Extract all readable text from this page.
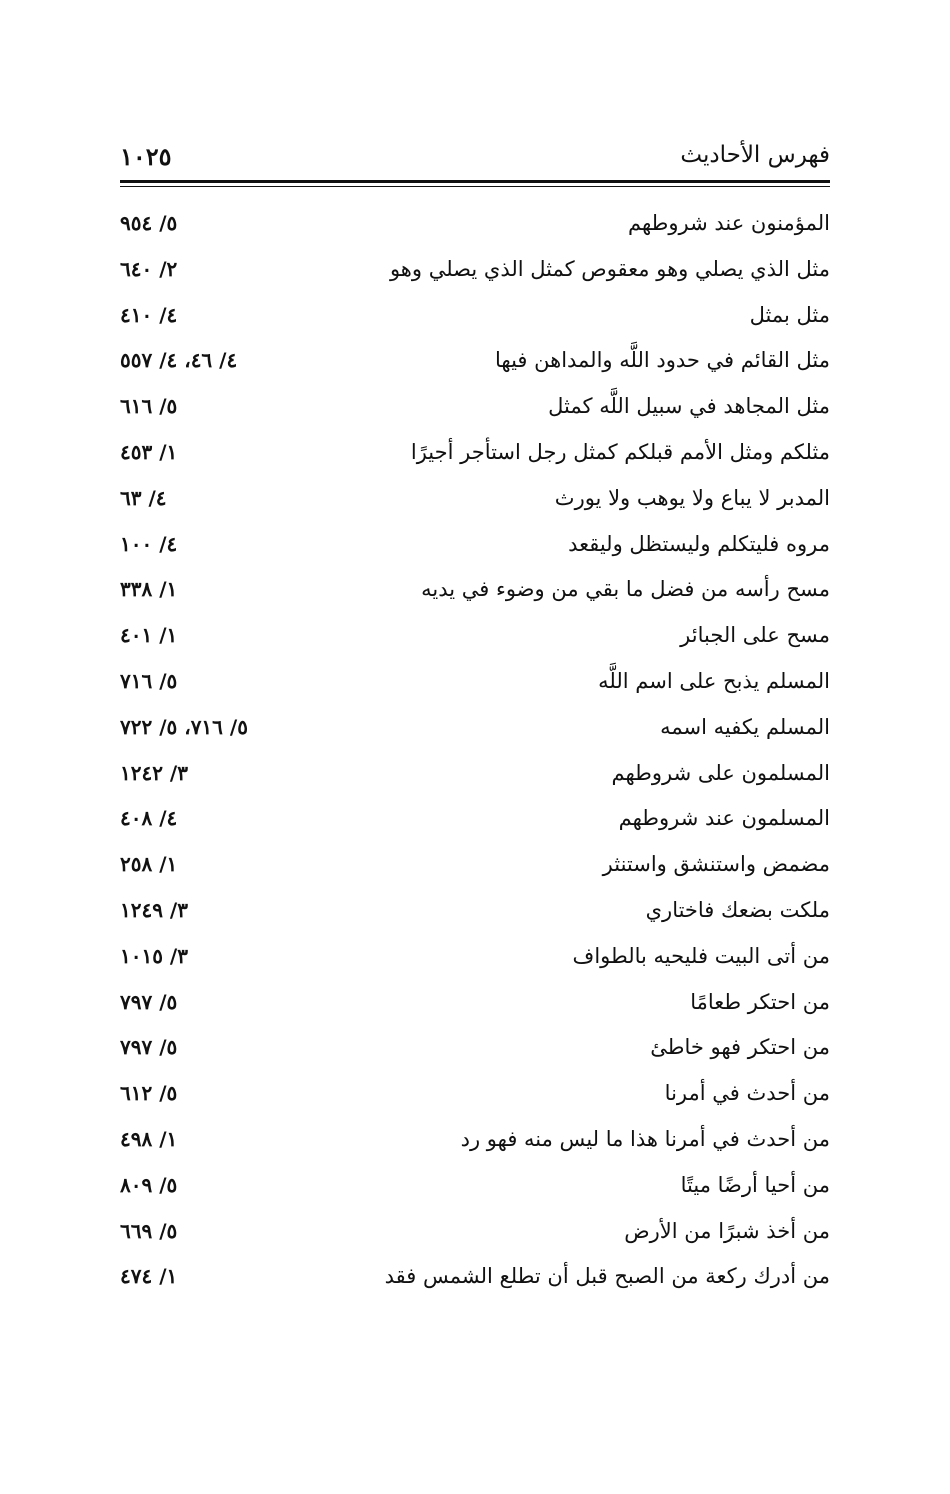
فهرس الأحاديث
١٠٢٥
المؤمنون عند شروطهم
٥/ ٩٥٤
مثل الذي يصلي وهو معقوص كمثل الذي يصلي وهو
٢/ ٦٤٠
مثل بمثل
٤/ ٤١٠
مثل القائم في حدود اللَّه والمداهن فيها
٤/ ٤٦، ٤/ ٥٥٧
مثل المجاهد في سبيل اللَّه كمثل
٥/ ٦١٦
مثلكم ومثل الأمم قبلكم كمثل رجل استأجر أجيرًا
١/ ٤٥٣
المدبر لا يباع ولا يوهب ولا يورث
٤/ ٦٣
مروه فليتكلم وليستظل وليقعد
٤/ ١٠٠
مسح رأسه من فضل ما بقي من وضوء في يديه
١/ ٣٣٨
مسح على الجبائر
١/ ٤٠١
المسلم يذبح على اسم اللَّه
٥/ ٧١٦
المسلم يكفيه اسمه
٥/ ٧١٦، ٥/ ٧٢٢
المسلمون على شروطهم
٣/ ١٢٤٢
المسلمون عند شروطهم
٤/ ٤٠٨
مضمض واستنشق واستنثر
١/ ٢٥٨
ملكت بضعك فاختاري
٣/ ١٢٤٩
من أتى البيت فليحيه بالطواف
٣/ ١٠١٥
من احتكر طعامًا
٥/ ٧٩٧
من احتكر فهو خاطئ
٥/ ٧٩٧
من أحدث في أمرنا
٥/ ٦١٢
من أحدث في أمرنا هذا ما ليس منه فهو رد
١/ ٤٩٨
من أحيا أرضًا ميتًا
٥/ ٨٠٩
من أخذ شبرًا من الأرض
٥/ ٦٦٩
من أدرك ركعة من الصبح قبل أن تطلع الشمس فقد
١/ ٤٧٤
